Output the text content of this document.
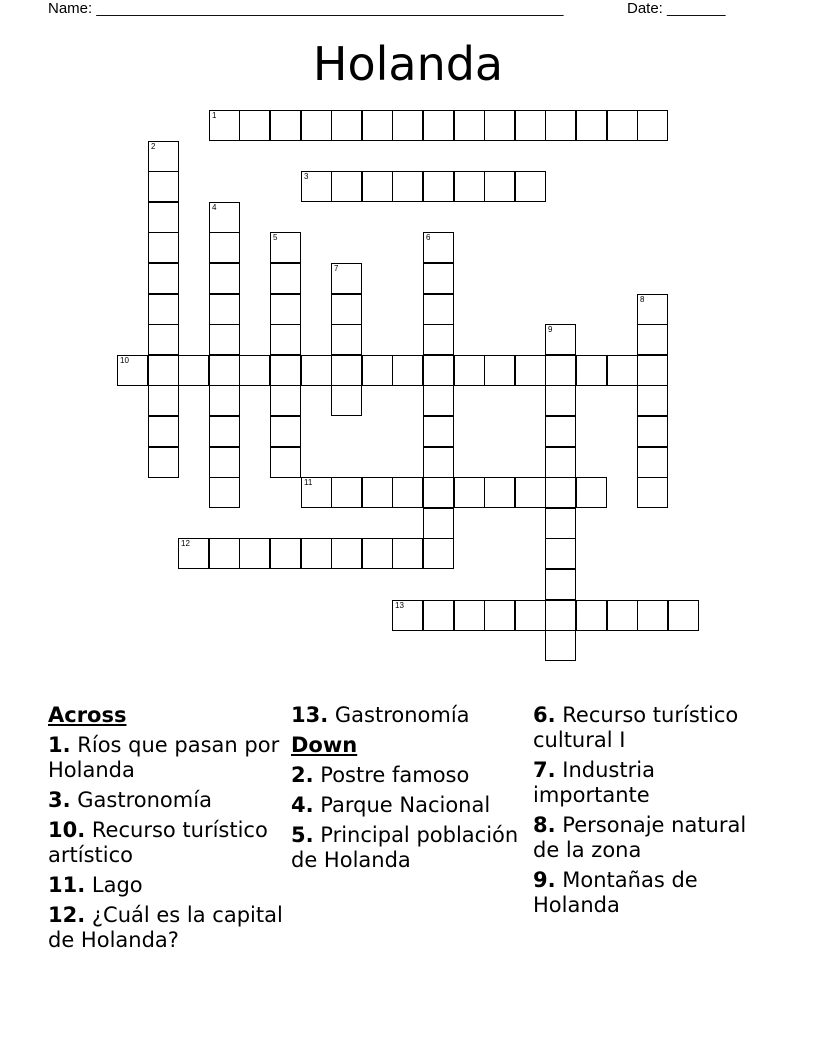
Name: ________________________________________________________	Date: _______
Holanda
1
2
3
4
5	6
7
8
9
10
11
12
13
Across
1. Ríos que pasan por Holanda
3. Gastronomía
10. Recurso turístico artístico
11. Lago
12. ¿Cuál es la capital de Holanda?
13. Gastronomía
Down
2. Postre famoso
4. Parque Nacional
5. Principal población de Holanda
6. Recurso turístico cultural I
7. Industria importante
8. Personaje natural de la zona
9. Montañas de Holanda
